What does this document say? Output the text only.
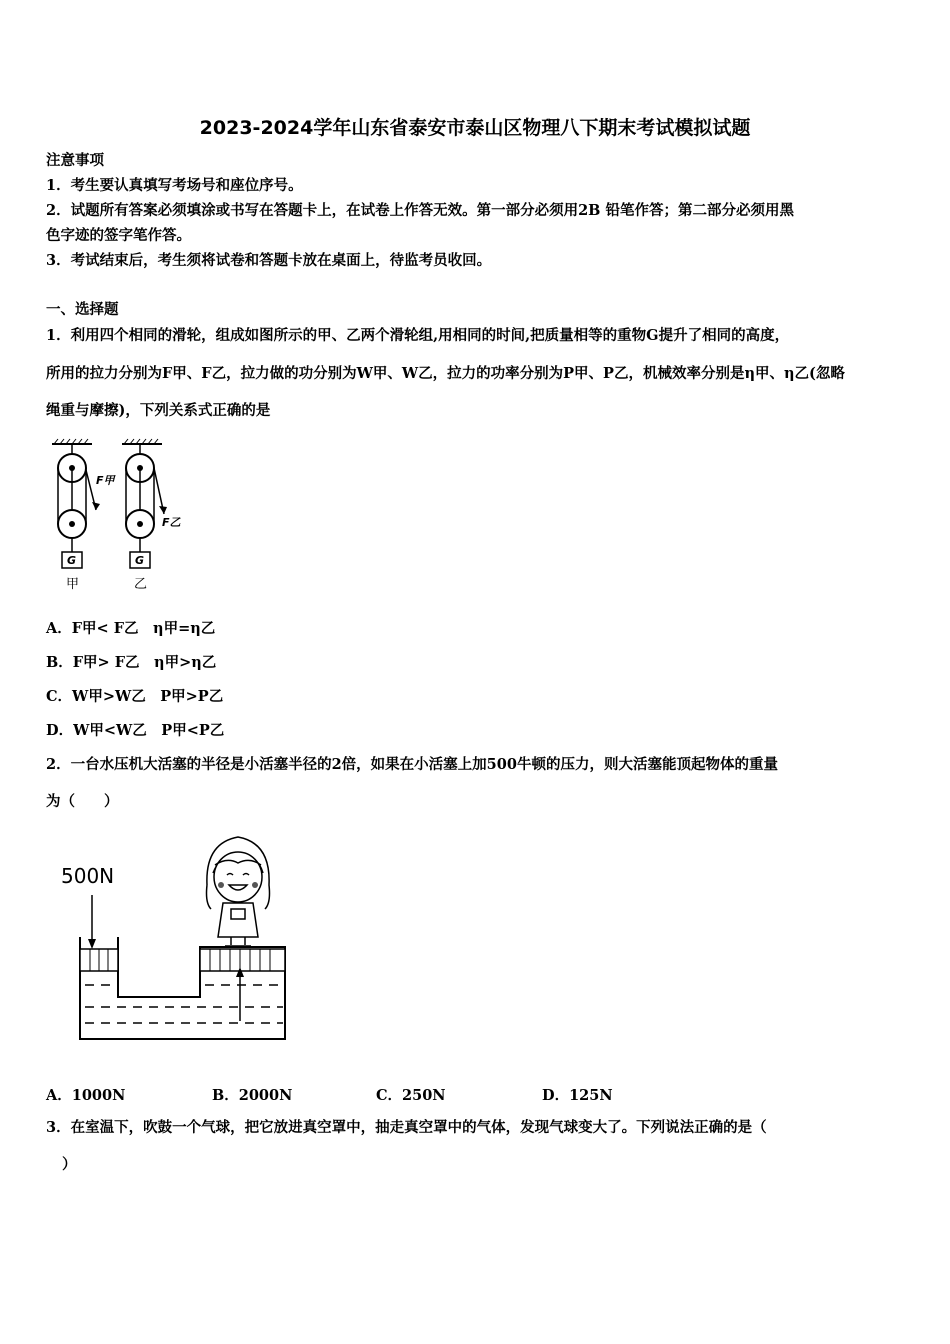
2023-2024学年山东省泰安市泰山区物理八下期末考试模拟试题
注意事项
1．考生要认真填写考场号和座位序号。
2．试题所有答案必须填涂或书写在答题卡上，在试卷上作答无效。第一部分必须用2B 铅笔作答；第二部分必须用黑
色字迹的签字笔作答。
3．考试结束后，考生须将试卷和答题卡放在桌面上，待监考员收回。
一、选择题
1．利用四个相同的滑轮，组成如图所示的甲、乙两个滑轮组,用相同的时间,把质量相等的重物G提升了相同的高度，
所用的拉力分别为F甲、F乙，拉力做的功分别为W甲、W乙，拉力的功率分别为P甲、P乙，机械效率分别是η甲、η乙(忽略
绳重与摩擦)，下列关系式正确的是
G
F甲
甲
G
F乙
乙
A．F甲< F乙　η甲=η乙
B．F甲> F乙　η甲>η乙
C．W甲>W乙　P甲>P乙
D．W甲<W乙　P甲<P乙
2．一台水压机大活塞的半径是小活塞半径的2倍，如果在小活塞上加500牛顿的压力，则大活塞能顶起物体的重量
为（　　）
500N
A．1000N	B．2000N	C．250N	D．125N
3．在室温下，吹鼓一个气球，把它放进真空罩中，抽走真空罩中的气体，发现气球变大了。下列说法正确的是（
）
